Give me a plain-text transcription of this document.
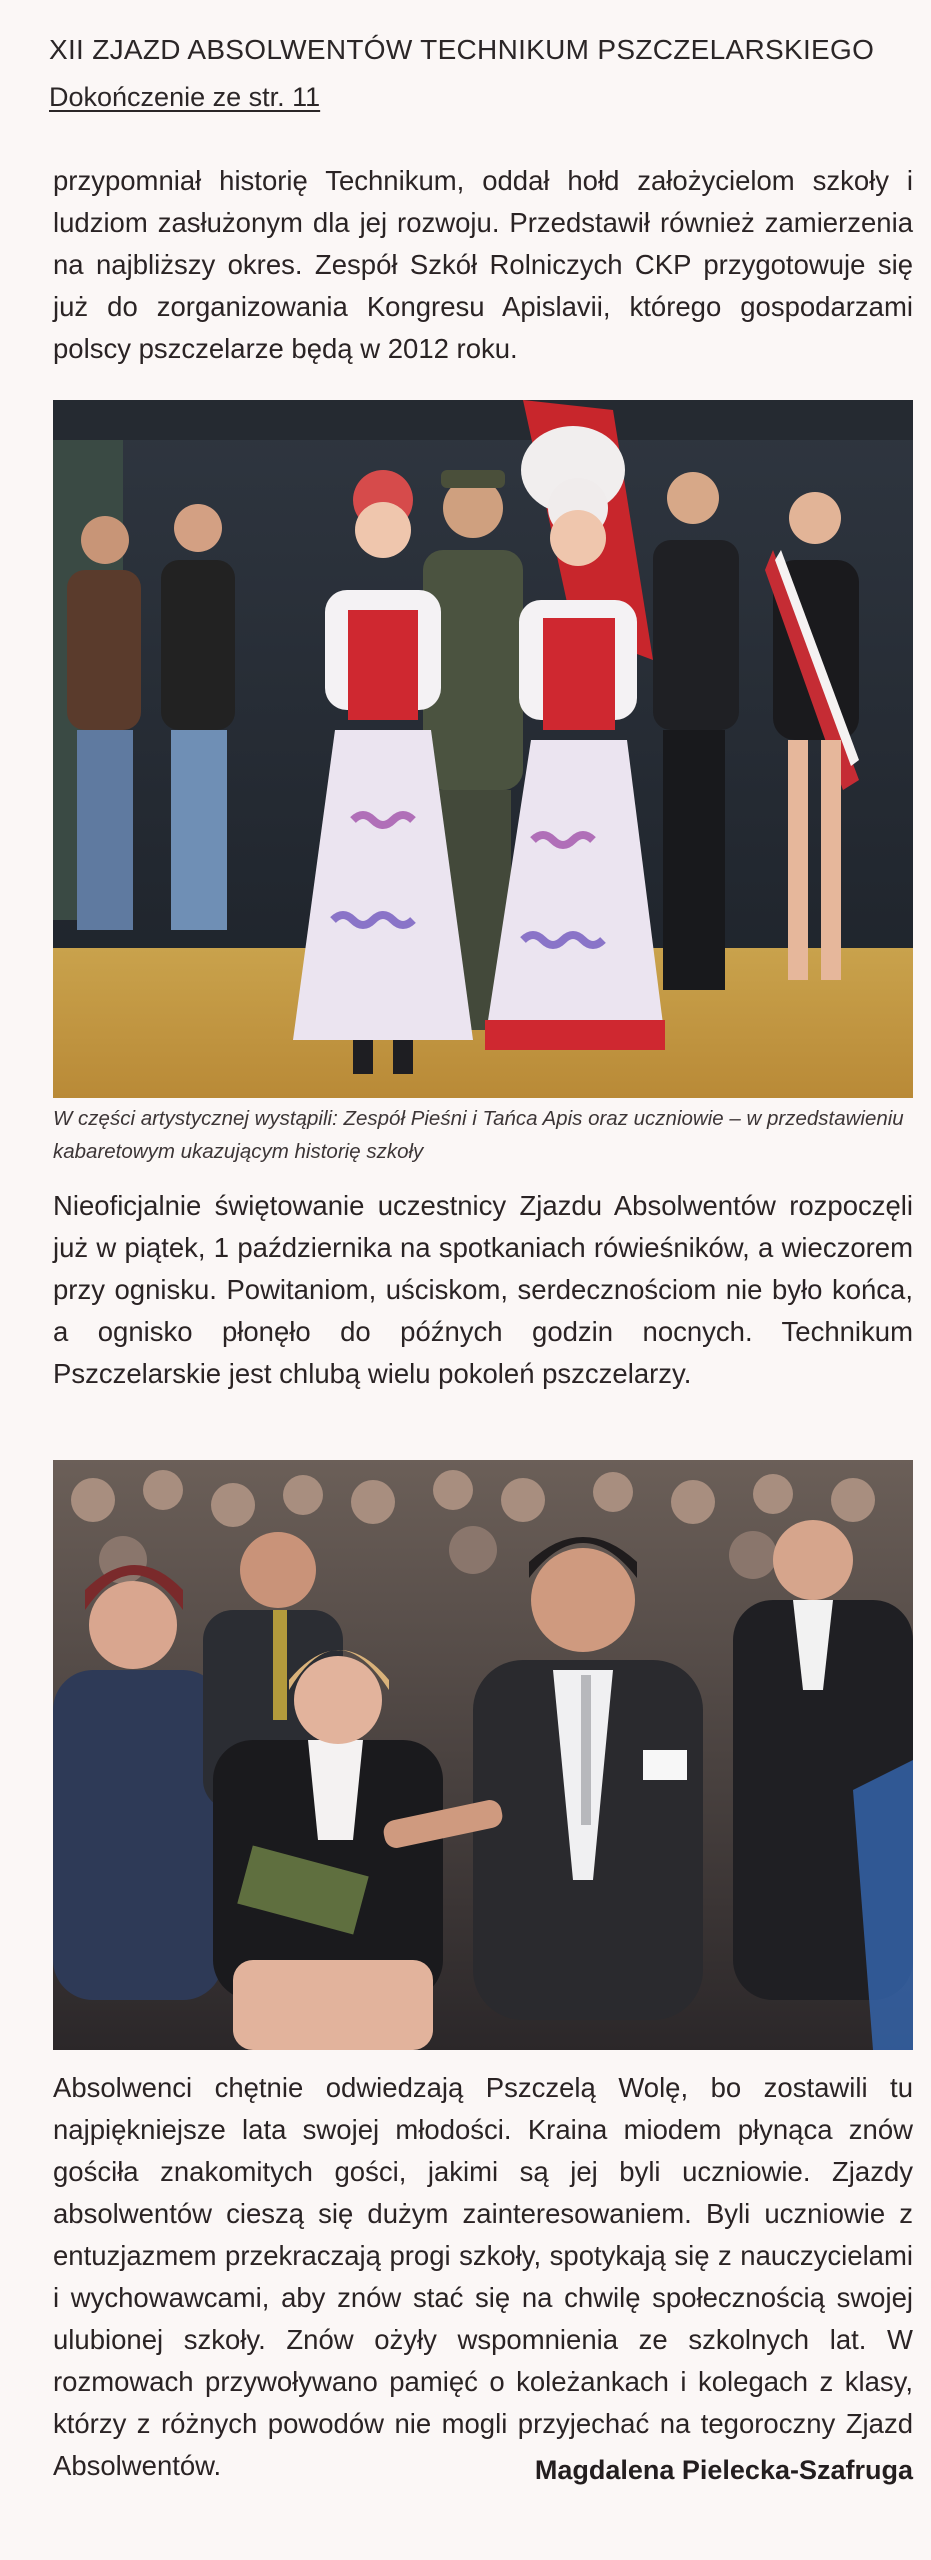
XII ZJAZD ABSOLWENTÓW TECHNIKUM PSZCZELARSKIEGO
Dokończenie ze str. 11
przypomniał historię Technikum, oddał hołd założycielom szkoły i ludziom zasłużonym dla jej rozwoju. Przedstawił również zamierzenia na najbliższy okres. Zespół Szkół Rolniczych CKP przygotowuje się już do zorganizowania Kongresu Apislavii, którego gospodarzami polscy pszczelarze będą w 2012 roku.
W części artystycznej wystąpili: Zespół Pieśni i Tańca Apis oraz uczniowie – w przedstawieniu kabaretowym ukazującym historię szkoły
Nieoficjalnie świętowanie uczestnicy Zjazdu Absolwentów rozpoczęli już w piątek, 1 października na spotkaniach rówieśników, a wieczorem przy ognisku. Powitaniom, uściskom, serdecznościom nie było końca, a ognisko płonęło do późnych godzin nocnych. Technikum Pszczelarskie jest chlubą wielu pokoleń pszczelarzy.
Absolwenci chętnie odwiedzają Pszczelą Wolę, bo zostawili tu najpiękniejsze lata swojej młodości. Kraina miodem płynąca znów gościła znakomitych gości, jakimi są jej byli uczniowie. Zjazdy absolwentów cieszą się dużym zainteresowaniem. Byli uczniowie z entuzjazmem przekraczają progi szkoły, spotykają się z nauczycielami i wychowawcami, aby znów stać się na chwilę społecznością swojej ulubionej szkoły. Znów ożyły wspomnienia ze szkolnych lat. W rozmowach przywoływano pamięć o koleżankach i kolegach z klasy, którzy z różnych powodów nie mogli przyjechać na tegoroczny Zjazd Absolwentów.	Magdalena Pielecka-Szafruga
